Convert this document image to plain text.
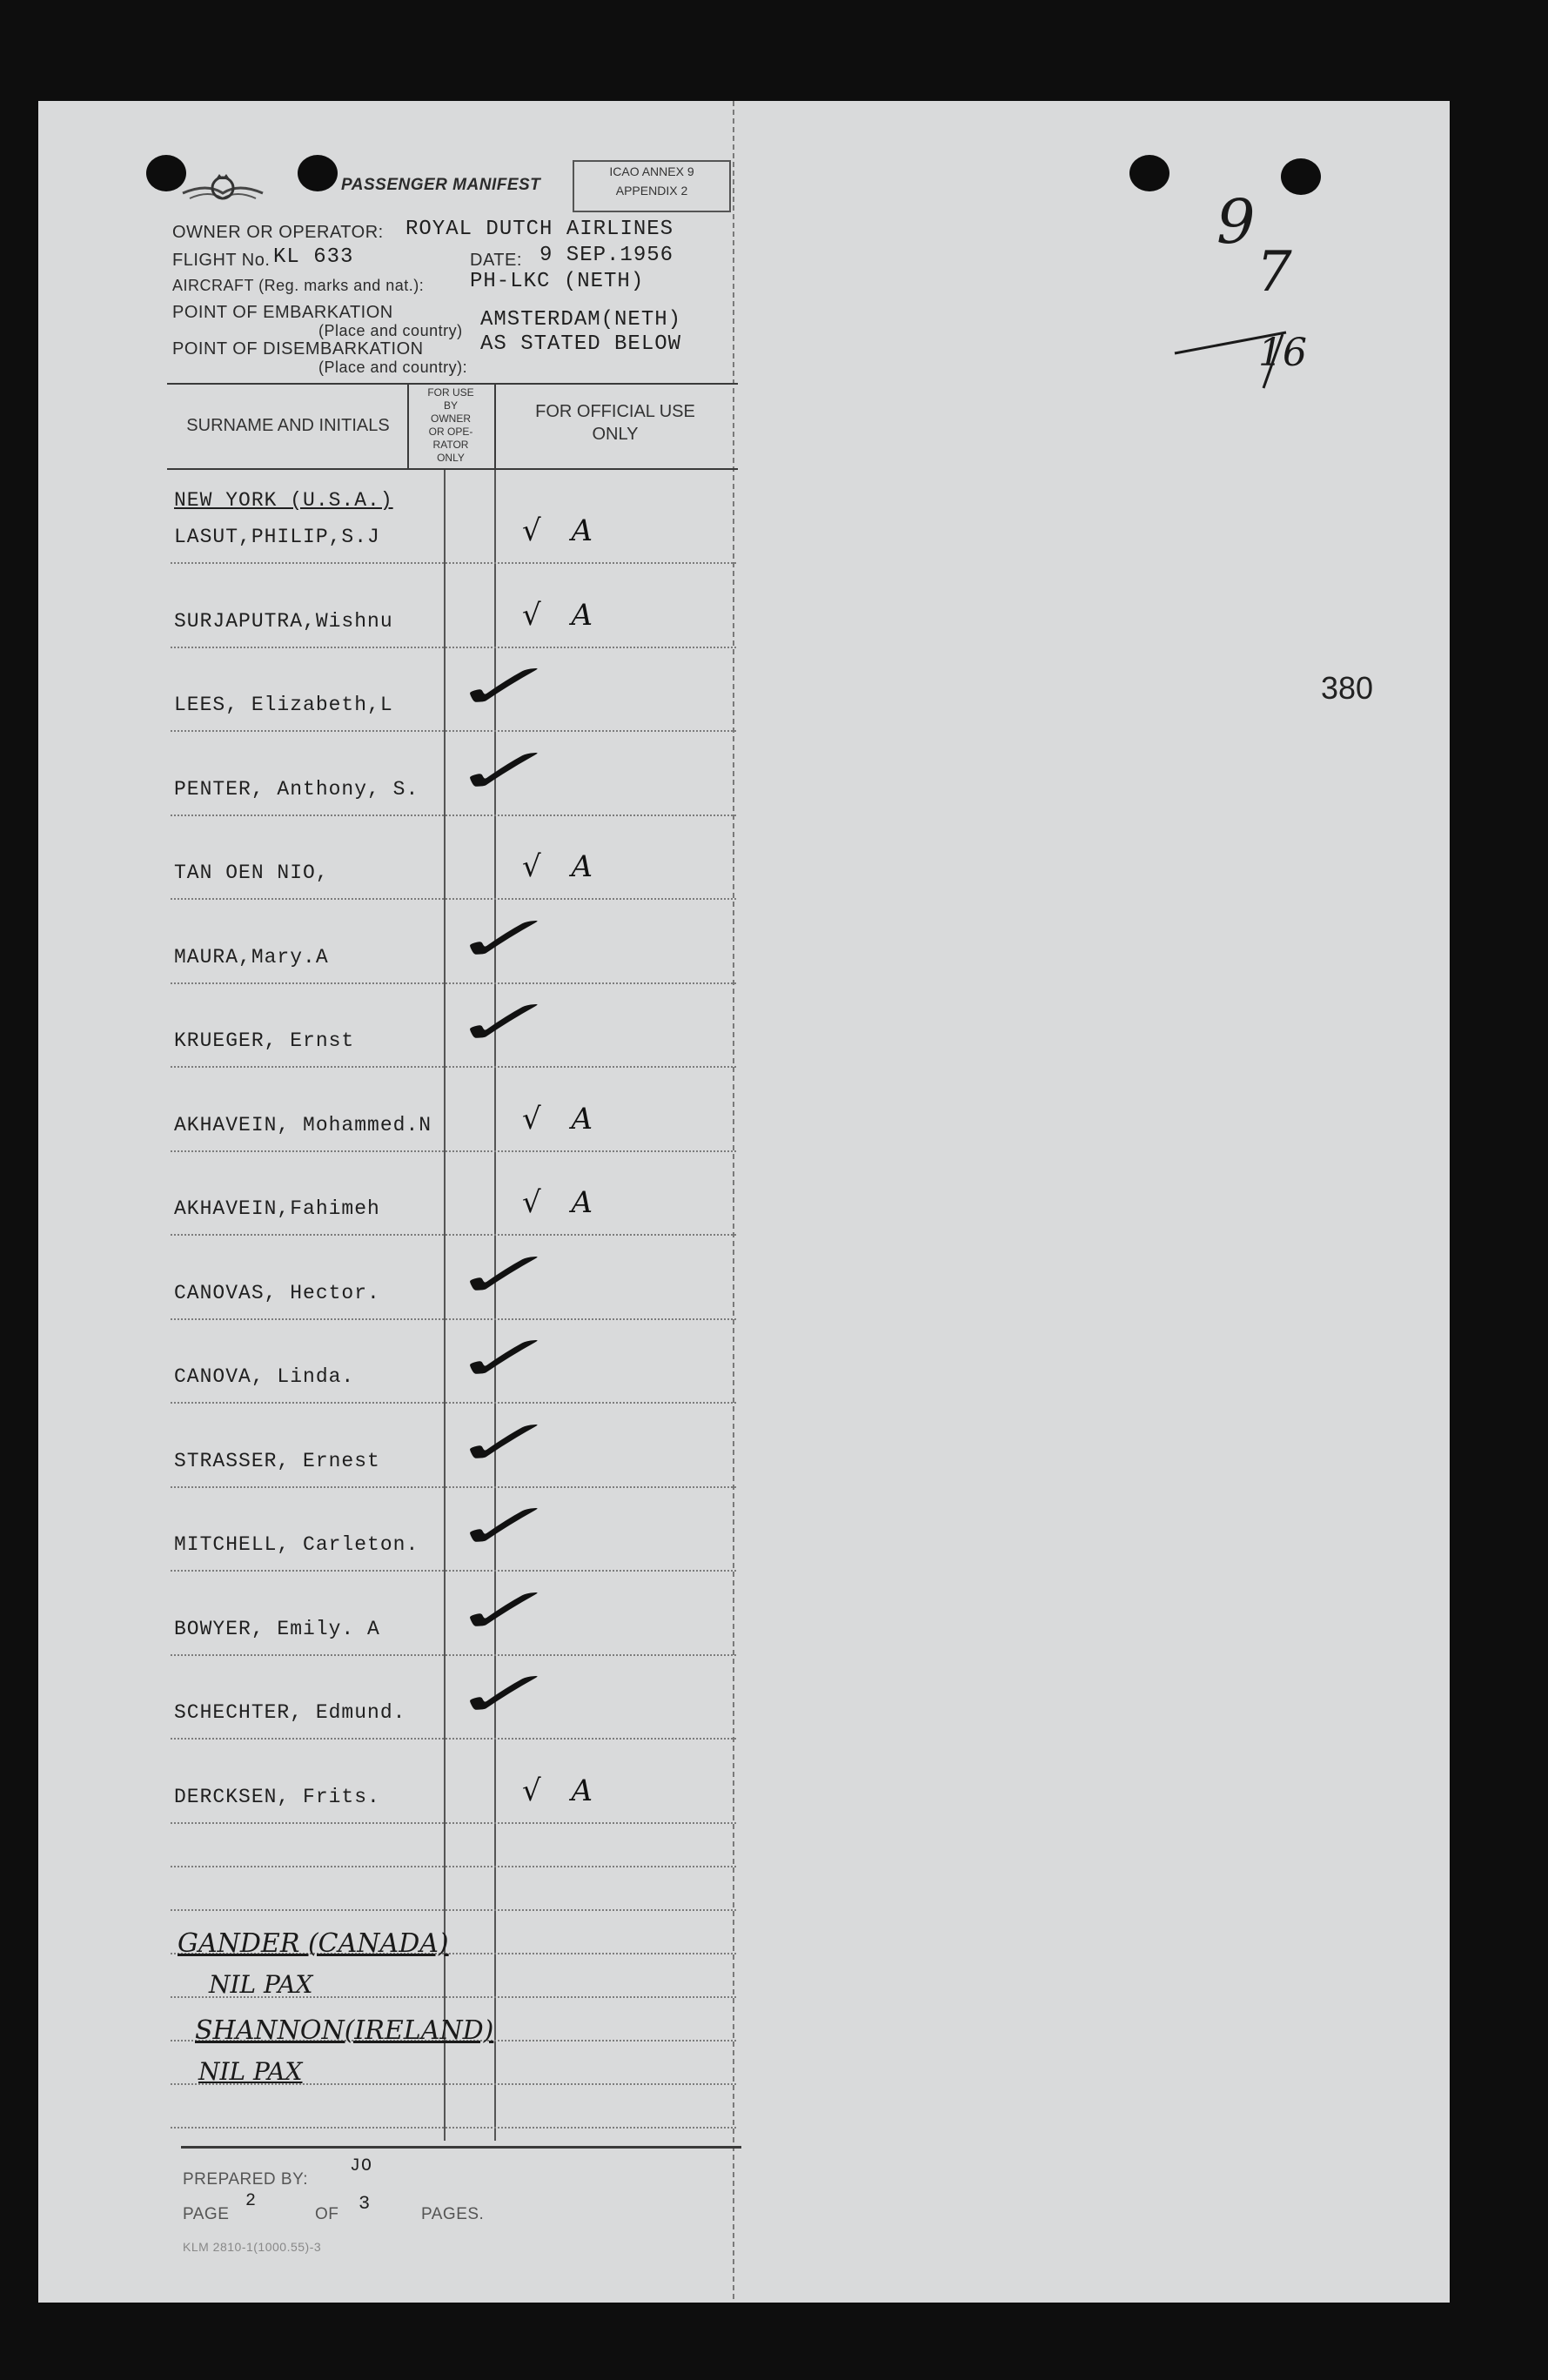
PASSENGER MANIFEST
ICAO ANNEX 9
APPENDIX 2
OWNER OR OPERATOR: ROYAL DUTCH AIRLINES
FLIGHT No. KL 633	DATE: 9 SEP.1956
AIRCRAFT (Reg. marks and nat.): PH-LKC (NETH)
POINT OF EMBARKATION
(Place and country) AMSTERDAM(NETH)
POINT OF DISEMBARKATION	AS STATED BELOW
(Place and country):
SURNAME AND INITIALS
FOR USE
BY
OWNER
OR OPE-
RATOR
ONLY
FOR OFFICIAL USE
ONLY
NEW YORK (U.S.A.)
LASUT,PHILIP,S.J	√ A
SURJAPUTRA,Wishnu	√ A
LEES, Elizabeth,L ✓
PENTER, Anthony, S. ✓
TAN OEN NIO,	√ A
MAURA,Mary.A ✓
KRUEGER, Ernst ✓
AKHAVEIN, Mohammed.N	√ A
AKHAVEIN,Fahimeh	√ A
CANOVAS, Hector. ✓
CANOVA, Linda. ✓
STRASSER, Ernest ✓
MITCHELL, Carleton. ✓
BOWYER, Emily. A ✓
SCHECHTER, Edmund. ✓
DERCKSEN, Frits.	√ A
GANDER (CANADA)
NIL PAX
SHANNON(IRELAND)
NIL PAX
9
7
16
380
PREPARED BY:
JO
PAGE
2
OF 3	PAGES.
KLM 2810-1(1000.55)-3
